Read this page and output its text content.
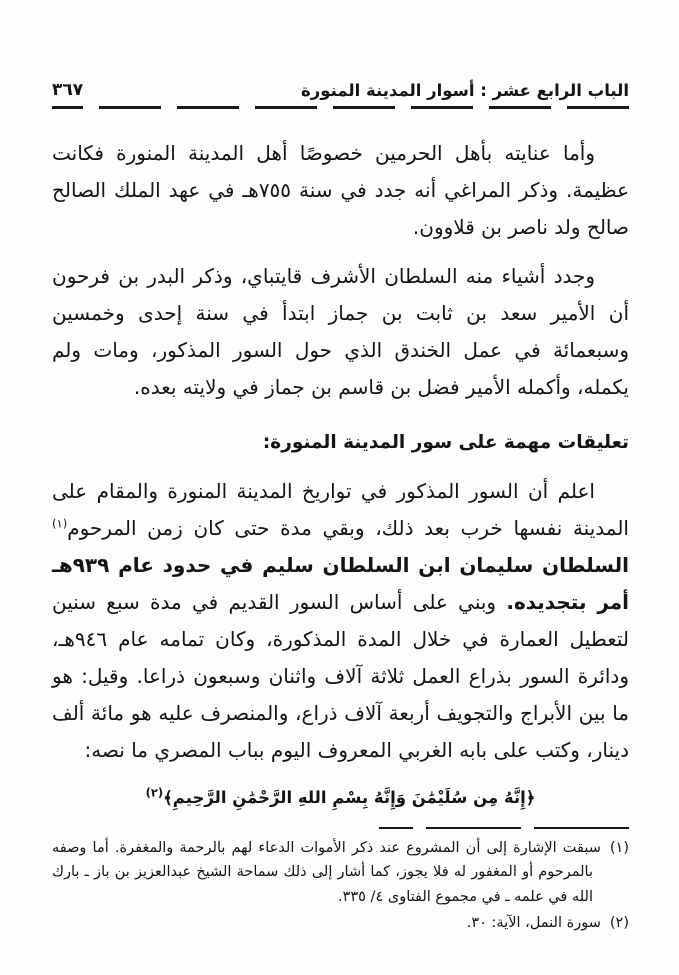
الباب الرابع عشر : أسوار المدينة المنورة
٣٦٧

وأما عنايته بأهل الحرمين خصوصًا أهل المدينة المنورة فكانت عظيمة. وذكر المراغي أنه جدد في سنة ٧٥٥هـ في عهد الملك الصالح صالح ولد ناصر بن قلاوون.

وجدد أشياء منه السلطان الأشرف قايتباي، وذكر البدر بن فرحون أن الأمير سعد بن ثابت بن جماز ابتدأ في سنة إحدى وخمسين وسبعمائة في عمل الخندق الذي حول السور المذكور، ومات ولم يكمله، وأكمله الأمير فضل بن قاسم بن جماز في ولايته بعده.

تعليقات مهمة على سور المدينة المنورة:

اعلم أن السور المذكور في تواريخ المدينة المنورة والمقام على المدينة نفسها خرب بعد ذلك، وبقي مدة حتى كان زمن المرحوم$^{(١)}$ السلطان سليمان ابن السلطان سليم في حدود عام ٩٣٩هـ أمر بتجديده. وبني على أساس السور القديم في مدة سبع سنين لتعطيل العمارة في خلال المدة المذكورة، وكان تمامه عام ٩٤٦هـ، ودائرة السور بذراع العمل ثلاثة آلاف واثنان وسبعون ذراعا. وقيل: هو ما بين الأبراج والتجويف أربعة آلاف ذراع، والمنصرف عليه هو مائة ألف دينار، وكتب على بابه الغربي المعروف اليوم بباب المصري ما نصه:

﴿إِنَّهُ مِن سُلَيْمَٰنَ وَإِنَّهُ بِسْمِ اللهِ الرَّحْمَٰنِ الرَّحِيمِ﴾$^{(٢)}$
(١)سبقت الإشارة إلى أن المشروع عند ذكر الأموات الدعاء لهم بالرحمة والمغفرة. أما وصفه بالمرحوم أو المغفور له فلا يجوز، كما أشار إلى ذلك سماحة الشيخ عبدالعزيز بن باز ـ بارك الله في علمه ـ في مجموع الفتاوى ٤/ ٣٣٥.
(٢)سورة النمل، الآية: ٣٠.
